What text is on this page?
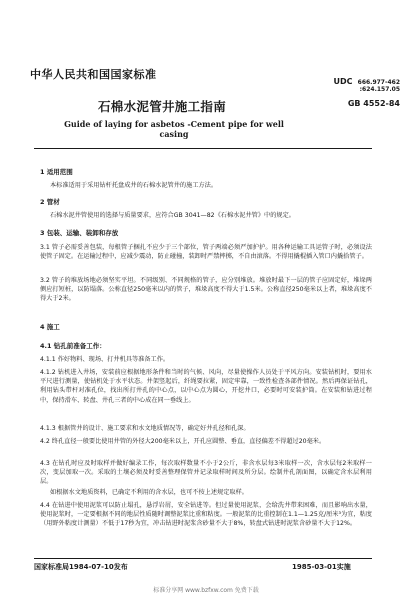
中华人民共和国国家标准
UDC 666.977-462
:624.157.05
石棉水泥管井施工指南	GB 4552-84
Guide of laying for asbetos -Cement pipe for well casing
1 适用范围
本标准适用于采用钻杆托盘成井的石棉水泥管井的施工方法。
2 管材
石棉水泥井管使用的选择与质量要求，应符合GB 3041—82《石棉水泥井管》中的规定。
3 包装、运输、装卸和存放
3.1 管子必需妥善包装，每根管子捆扎不应少于三个部位，管子两端必须严加护护。用各种运输工具运管子时，必须设法使管子固定。在运输过程中，应减少震动，防止碰撞，装卸时严禁摔掷，不自由滚落。不得用撬棍插入管口内撬拾管子。
3.2 管子的堆放场地必须坚实平坦。不同级别、不同规格的管子，应分别堆放。堆放时最下一层的管子应固定好，堆垛两侧应打短桩，以防塌落。公称直径250毫米以内的管子，堆垛高度不得大于1.5米。公称直径250毫米以上者，堆垛高度不得大于2米。
4 施工
4.1 钻孔前准备工作：
4.1.1 作好物料、现场、打井机具等准备工作。
4.1.2 钻机进入井场，安装前应根据地形条件和当时的气候、风向，尽量使操作人员处于平风方向。安装钻机时，要用水平尺进行测量，使钻机处于水平状态。井架竖起后，纤绳要拉紧，固定牢靠，一致性检查各部件情况。然后再保证钻孔，利用钻头带杆对准孔位，找出所打井孔的中心点，以中心点为圆心，开挖井口，必要时可安装护筒。在安装和钻进过程中，保持滑车、转盘、井孔三者的中心成在同一垂线上。
4.1.3 根据管井的设计、施工要求和水文地质情况等，确定好井孔径和孔深。
4.2 终孔直径一般要比使用井管的外径大200毫米以上，开孔应圆整、垂直，直径偏差不得超过20毫米。
4.3 在钻孔时应及时取样并做好编录工作，每次取样数量不小于2公斤，非含水层每3米取样一次，含水层每2米取样一次，变层加取一次。采取的土壤必须及时妥善整理保管并记录取样时间及所分层。绘制井孔剖面图，以确定含水层利用层。
如根据水文地质资料，已确定不利用的含水层，也可不按上述规定取样。
4.4 在钻进中使用泥浆可以防止塌孔，悬浮岩屑，安全钻进等。但过量使用泥浆，会给洗井带来困难，而且影响出水量，使用泥浆时，一定要根据不同的地层性质随时调整泥浆比重和粘度。一般泥浆的比重控制在1.1—1.25克/厘米³为宜，粘度（用野外粘度计测量）不低于17秒为宜，冲击钻进时泥浆含砂量不大于8%，转盘式钻进时泥浆含砂量不大于12%。
国家标准局1984-07-10发布	1985-03-01实施
标准分享网 www.bzfxw.com 免费下载
